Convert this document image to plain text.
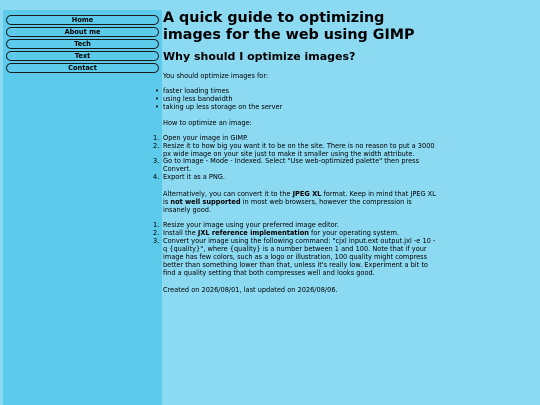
Home
About me
Tech
Text
Contact
A quick guide to optimizing images for the web using GIMP
Why should I optimize images?

You should optimize images for:

• faster loading times
• using less bandwidth
• taking up less storage on the server

How to optimize an image:

1. Open your image in GIMP.
2. Resize it to how big you want it to be on the site. There is no reason to put a 3000 px wide image on your site just to make it smaller using the width attribute.
3. Go to Image - Mode - Indexed. Select "Use web-optimized palette" then press Convert.
4. Export it as a PNG.

Alternatively, you can convert it to the JPEG XL format. Keep in mind that JPEG XL is not well supported in most web browsers, however the compression is insanely good.

1. Resize your image using your preferred image editor.
2. Install the JXL reference implementation for your operating system.
3. Convert your image using the following command: "cjxl input.ext output.jxl -e 10 -q {quality}", where {quality} is a number between 1 and 100. Note that if your image has few colors, such as a logo or illustration, 100 quality might compress better than something lower than that, unless it's really low. Experiment a bit to find a quality setting that both compresses well and looks good.

Created on 2026/08/01, last updated on 2026/08/06.
